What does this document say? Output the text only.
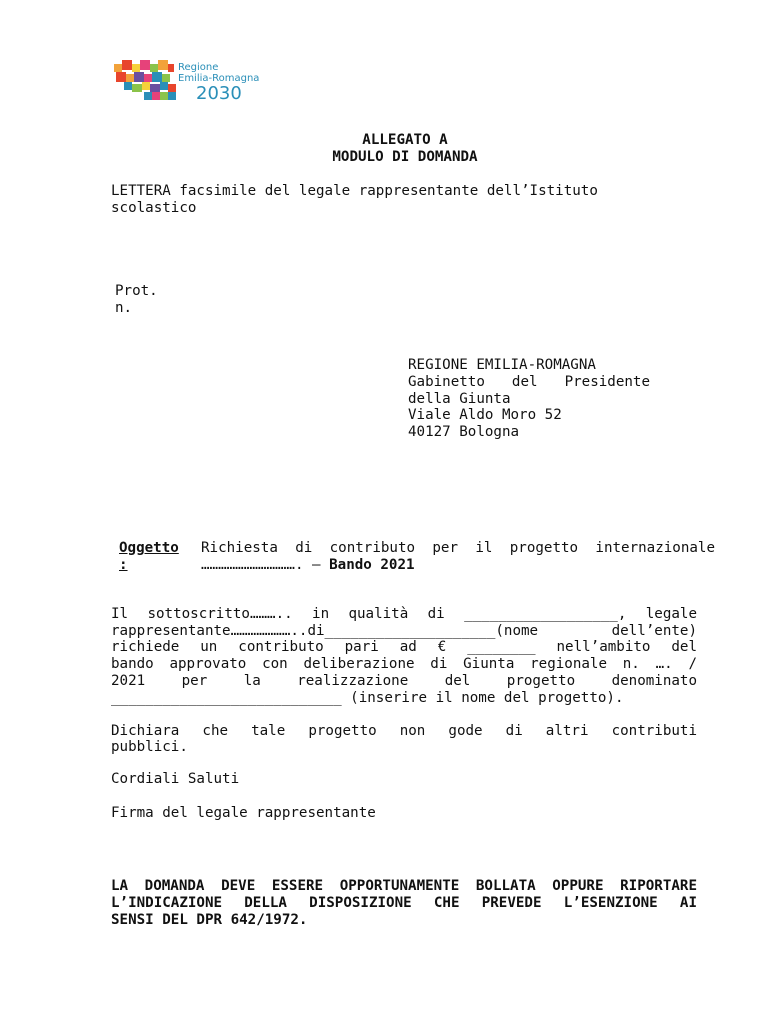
Regione
Emilia-Romagna
2030
ALLEGATO A
MODULO DI DOMANDA
LETTERA facsimile del legale rappresentante dell’Istituto
scolastico
Prot.
n.
REGIONE EMILIA-ROMAGNA
Gabinetto del Presidente
della Giunta
Viale Aldo Moro 52
40127 Bologna
Oggetto
:
Richiesta di contributo per il progetto internazionale
……………………………. – Bando 2021
Il sottoscritto……….. in qualità di __________________, legale
rappresentante…………………..di____________________(nome   dell’ente)
richiede un contributo pari ad € ________ nell’ambito del
bando approvato con deliberazione di Giunta regionale n. …. /
2021 per la realizzazione del progetto denominato
___________________________ (inserire il nome del progetto).
Dichiara che tale progetto non gode di altri contributi
pubblici.
Cordiali Saluti
Firma del legale rappresentante
LA DOMANDA DEVE ESSERE OPPORTUNAMENTE BOLLATA OPPURE RIPORTARE
L’INDICAZIONE DELLA DISPOSIZIONE CHE PREVEDE L’ESENZIONE AI
SENSI DEL DPR 642/1972.
